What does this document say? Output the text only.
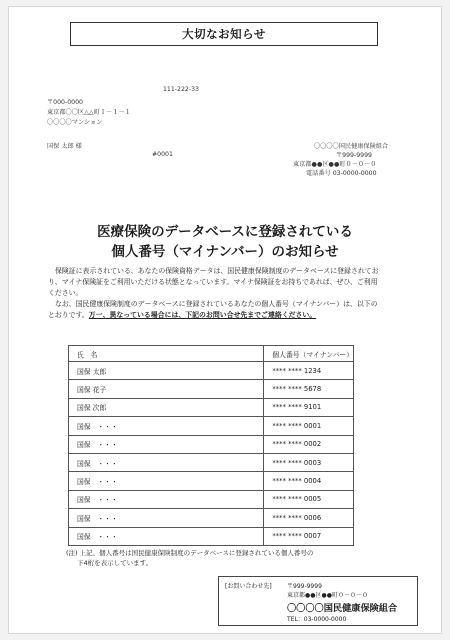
大切なお知らせ
111-222-33
〒000-0000
東京都〇〇区△△町１－１－１
〇〇〇〇マンション
国保 太郎 様
#0001
〇〇〇〇国民健康保険組合
〒999-9999
東京都●●区●●町０－０－０
電話番号 03-0000-0000
医療保険のデータベースに登録されている
個人番号（マイナンバー）のお知らせ

保険証に表示されている、あなたの保険資格データは、国民健康保険制度のデータベースに登録されており、マイナ保険証をご利用いただける状態となっています。マイナ保険証をお持ちであれば、ぜひ、ご利用ください。

なお、国民健康保険制度のデータベースに登録されているあなたの個人番号（マイナンバー）は、以下のとおりです。万一、異なっている場合には、下記のお問い合せ先までご連絡ください。

氏　名	個人番号（マイナンバー）
国保 太郎	**** **** 1234
国保 花子	**** **** 5678
国保 次郎	**** **** 9101
国保　・・・	**** **** 0001
国保　・・・	**** **** 0002
国保　・・・	**** **** 0003
国保　・・・	**** **** 0004
国保　・・・	**** **** 0005
国保　・・・	**** **** 0006
国保　・・・	**** **** 0007
(注) 上記、個人番号は国民健康保険制度のデータベースに登録されている個人番号の
下4桁を表示しています。
[お問い合わせ先]	〒999-9999
東京都●●区●●町０－０－０
〇〇〇〇国民健康保険組合
TEL：03-0000-0000
